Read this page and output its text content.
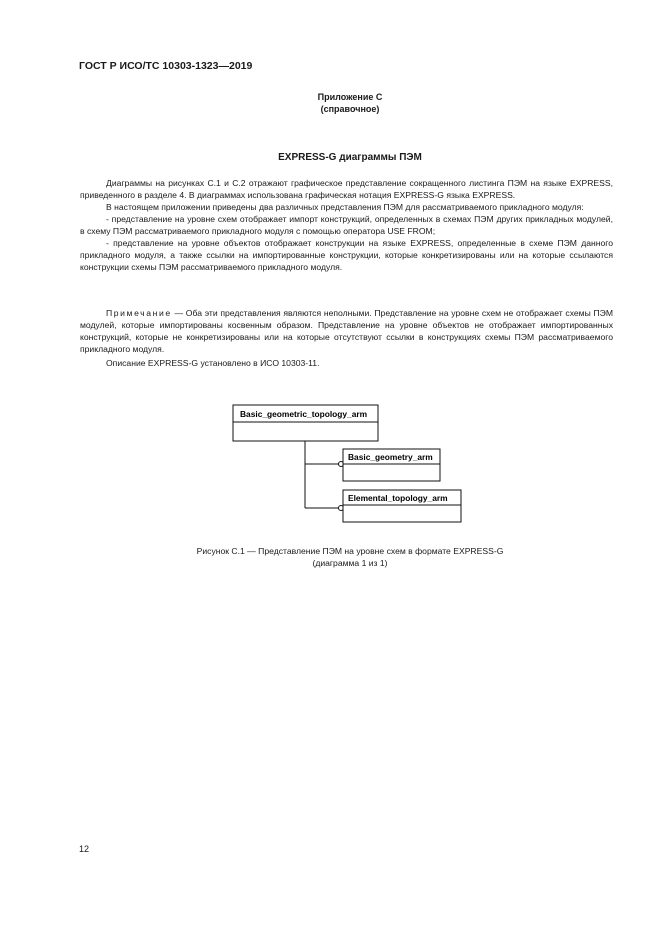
ГОСТ Р ИСО/ТС 10303-1323—2019
Приложение С
(справочное)
EXPRESS-G диаграммы ПЭМ

Диаграммы на рисунках С.1 и С.2 отражают графическое представление сокращенного листинга ПЭМ на языке EXPRESS, приведенного в разделе 4. В диаграммах использована графическая нотация EXPRESS-G языка EXPRESS.

В настоящем приложении приведены два различных представления ПЭМ для рассматриваемого прикладного модуля:

- представление на уровне схем отображает импорт конструкций, определенных в схемах ПЭМ других прикладных модулей, в схему ПЭМ рассматриваемого прикладного модуля с помощью оператора USE FROM;

- представление на уровне объектов отображает конструкции на языке EXPRESS, определенные в схеме ПЭМ данного прикладного модуля, а также ссылки на импортированные конструкции, которые конкретизированы или на которые ссылаются конструкции схемы ПЭМ рассматриваемого прикладного модуля.

Примечание — Оба эти представления являются неполными. Представление на уровне схем не отображает схемы ПЭМ модулей, которые импортированы косвенным образом. Представление на уровне объектов не отображает импортированных конструкций, которые не конкретизированы или на которые отсутствуют ссылки в конструкциях схемы ПЭМ рассматриваемого прикладного модуля.

Описание EXPRESS-G установлено в ИСО 10303-11.

Basic_geometric_topology_arm
Basic_geometry_arm
Elemental_topology_arm
Рисунок С.1 — Представление ПЭМ на уровне схем в формате EXPRESS-G
(диаграмма 1 из 1)
12
